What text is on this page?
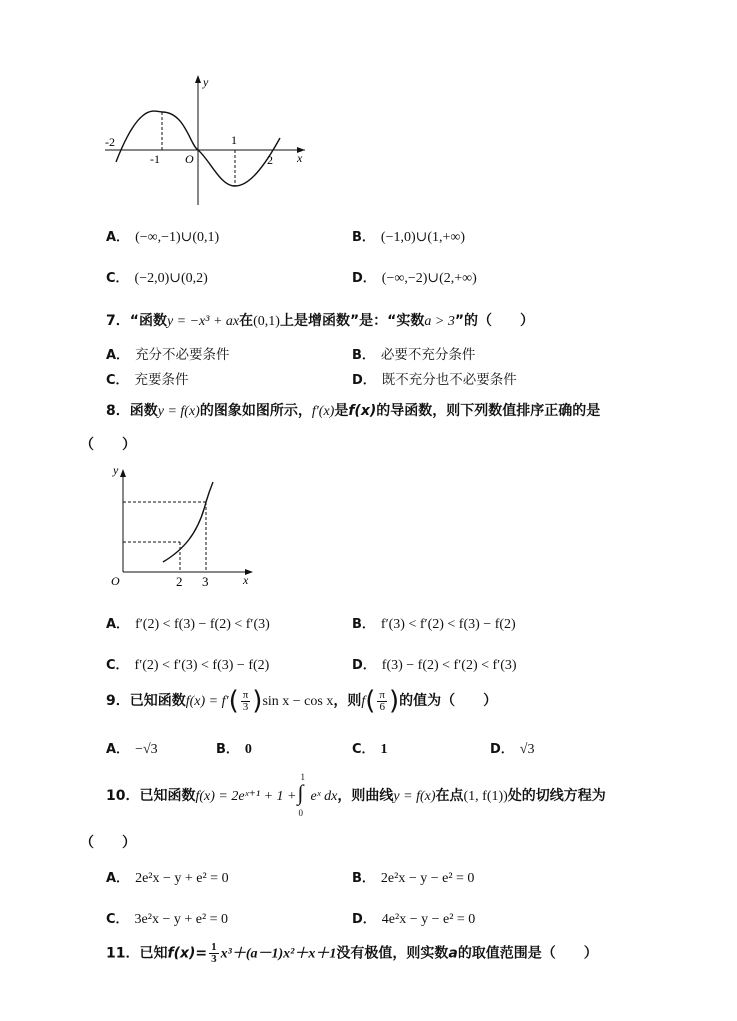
y
x
O
-2
-1
1
2
A． (−∞,−1)∪(0,1)	B． (−1,0)∪(1,+∞)
C． (−2,0)∪(0,2)	D． (−∞,−2)∪(2,+∞)
7．“函数y = −x³ + ax在(0,1)上是增函数”是：“实数a > 3”的（　　）
A． 充分不必要条件	B． 必要不充分条件
C． 充要条件	D． 既不充分也不必要条件
8．函数y = f(x)的图象如图所示，f′(x)是f(x)的导函数，则下列数值排序正确的是
（　　）
y
x
O	2 3
A． f′(2) < f(3) − f(2) < f′(3)	B． f′(3) < f′(2) < f(3) − f(2)
C． f′(2) < f′(3) < f(3) − f(2)	D． f(3) − f(2) < f′(2) < f′(3)
9．已知函数$f(x) = f'( \frac{\pi}{3} )\sin$ x − cos x，则$f( \frac{\pi}{6}$ )的值为（　　）
A． −√3	B． 0	C． 1	D． √3
10．已知函数f(x) = 2eˣ⁺¹ + 1 +
1
∫
0
eˣ dx，则曲线y = f(x)在点(1, f(1))处的切线方程为
（　　）
A． 2e²x − y + e² = 0	B． 2e²x − y − e² = 0
C． 3e²x − y + e² = 0	D． 4e²x − y − e² = 0
11．已知$f(x)= \frac{1}{3} x^3+(a-1)x^2+x+1$没有极值，则实数a的取值范围是（　　）
